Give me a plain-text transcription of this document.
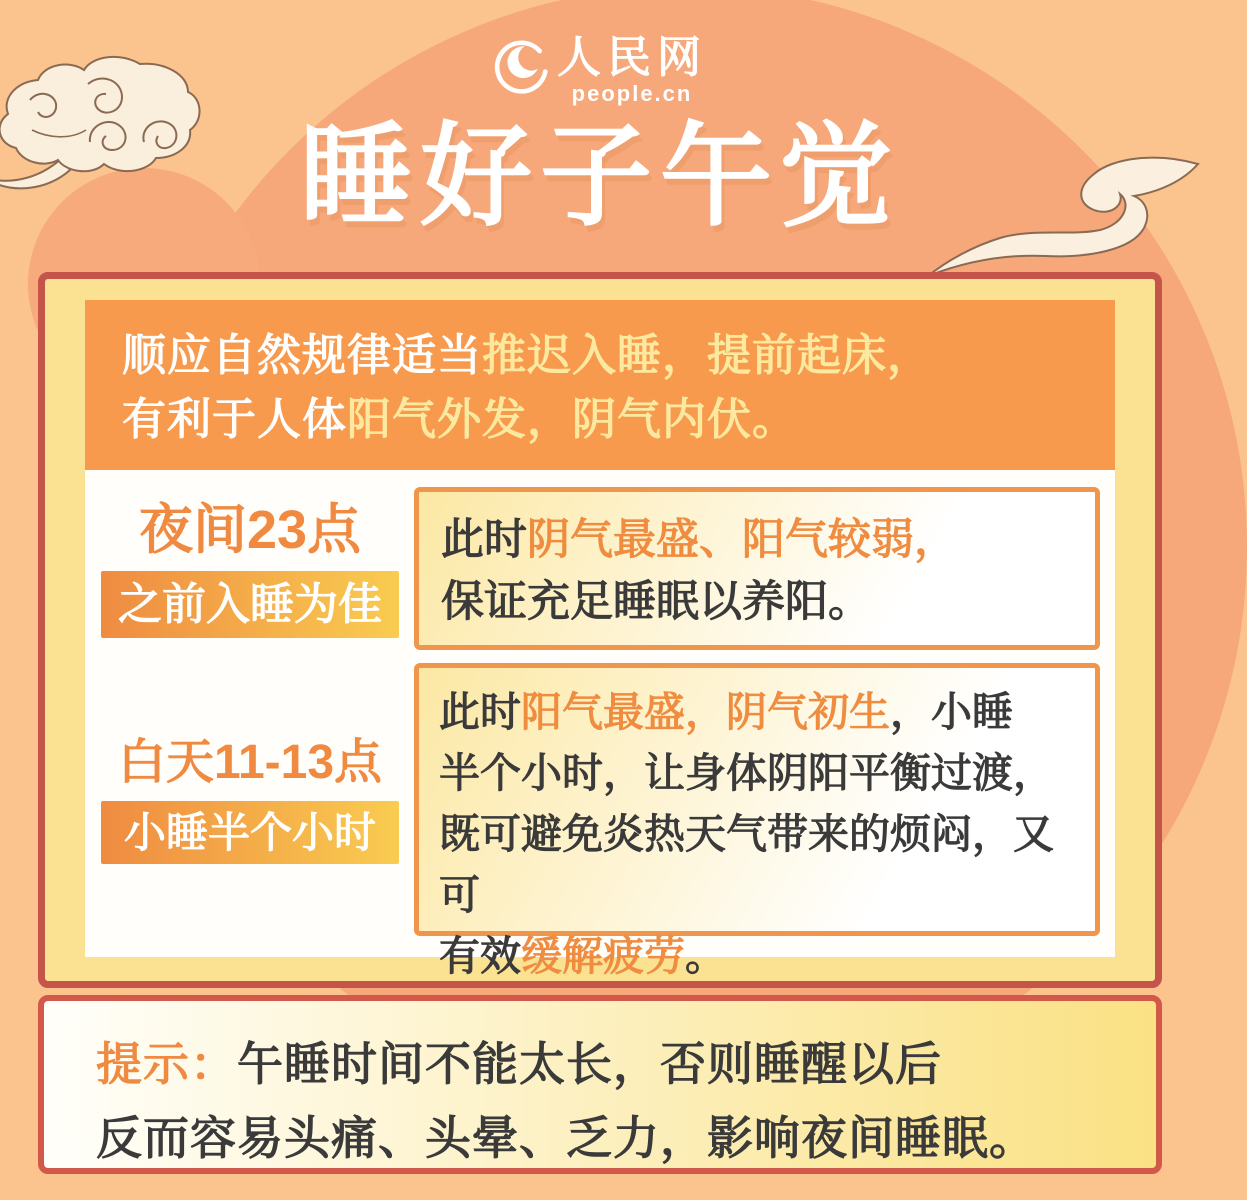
人民网
people.cn
睡好子午觉
顺应自然规律适当推迟入睡，提前起床，
有利于人体阳气外发，阴气内伏。
夜间23点
之前入睡为佳
此时阴气最盛、阳气较弱，
保证充足睡眠以养阳。
白天11-13点
小睡半个小时
此时阳气最盛，阴气初生，小睡
半个小时，让身体阴阳平衡过渡，
既可避免炎热天气带来的烦闷，又可
有效缓解疲劳。
提示：午睡时间不能太长，否则睡醒以后
反而容易头痛、头晕、乏力，影响夜间睡眠。
